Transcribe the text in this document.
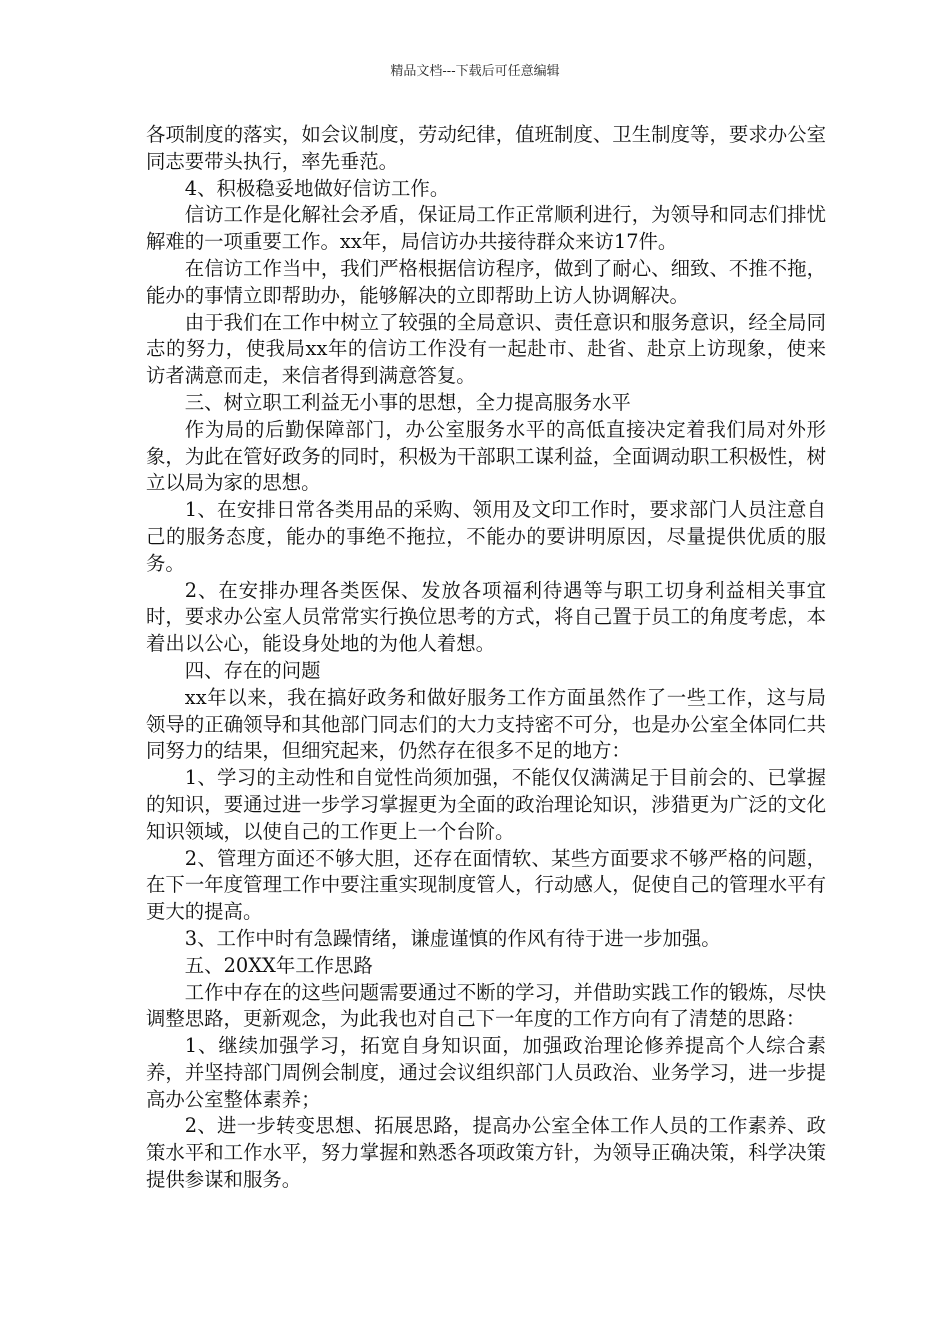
精品文档---下载后可任意编辑

各项制度的落实，如会议制度，劳动纪律，值班制度、卫生制度等，要求办公室同志要带头执行，率先垂范。

4、积极稳妥地做好信访工作。

信访工作是化解社会矛盾，保证局工作正常顺利进行，为领导和同志们排忧解难的一项重要工作。xx年，局信访办共接待群众来访17件。

在信访工作当中，我们严格根据信访程序，做到了耐心、细致、不推不拖，能办的事情立即帮助办，能够解决的立即帮助上访人协调解决。

由于我们在工作中树立了较强的全局意识、责任意识和服务意识，经全局同志的努力，使我局xx年的信访工作没有一起赴市、赴省、赴京上访现象，使来访者满意而走，来信者得到满意答复。

三、树立职工利益无小事的思想，全力提高服务水平

作为局的后勤保障部门，办公室服务水平的高低直接决定着我们局对外形象，为此在管好政务的同时，积极为干部职工谋利益，全面调动职工积极性，树立以局为家的思想。

1、在安排日常各类用品的采购、领用及文印工作时，要求部门人员注意自己的服务态度，能办的事绝不拖拉，不能办的要讲明原因，尽量提供优质的服务。

2、在安排办理各类医保、发放各项福利待遇等与职工切身利益相关事宜时，要求办公室人员常常实行换位思考的方式，将自己置于员工的角度考虑，本着出以公心，能设身处地的为他人着想。

四、存在的问题

xx年以来，我在搞好政务和做好服务工作方面虽然作了一些工作，这与局领导的正确领导和其他部门同志们的大力支持密不可分，也是办公室全体同仁共同努力的结果，但细究起来，仍然存在很多不足的地方：

1、学习的主动性和自觉性尚须加强，不能仅仅满满足于目前会的、已掌握的知识，要通过进一步学习掌握更为全面的政治理论知识，涉猎更为广泛的文化知识领域，以使自己的工作更上一个台阶。

2、管理方面还不够大胆，还存在面情软、某些方面要求不够严格的问题，在下一年度管理工作中要注重实现制度管人，行动感人，促使自己的管理水平有更大的提高。

3、工作中时有急躁情绪，谦虚谨慎的作风有待于进一步加强。

五、20XX年工作思路

工作中存在的这些问题需要通过不断的学习，并借助实践工作的锻炼，尽快调整思路，更新观念，为此我也对自己下一年度的工作方向有了清楚的思路：

1、继续加强学习，拓宽自身知识面，加强政治理论修养提高个人综合素养，并坚持部门周例会制度，通过会议组织部门人员政治、业务学习，进一步提高办公室整体素养；

2、进一步转变思想、拓展思路，提高办公室全体工作人员的工作素养、政策水平和工作水平，努力掌握和熟悉各项政策方针，为领导正确决策，科学决策提供参谋和服务。
